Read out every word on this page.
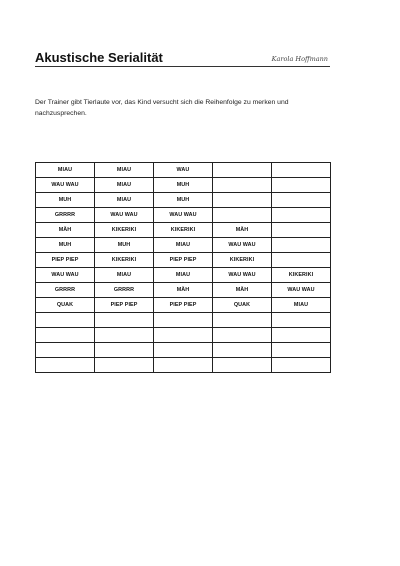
Akustische Serialität	Karola Hoffmann
Der Trainer gibt Tierlaute vor, das Kind versucht sich die Reihenfolge zu merken und nachzusprechen.
MIAU	MIAU	WAU		
WAU WAU	MIAU	MUH		
MUH	MIAU	MUH		
GRRRR	WAU WAU	WAU WAU		
MÄH	KIKERIKI	KIKERIKI	MÄH	
MUH	MUH	MIAU	WAU WAU	
PIEP PIEP	KIKERIKI	PIEP PIEP	KIKERIKI	
WAU WAU	MIAU	MIAU	WAU WAU	KIKERIKI
GRRRR	GRRRR	MÄH	MÄH	WAU WAU
QUAK	PIEP PIEP	PIEP PIEP	QUAK	MIAU
